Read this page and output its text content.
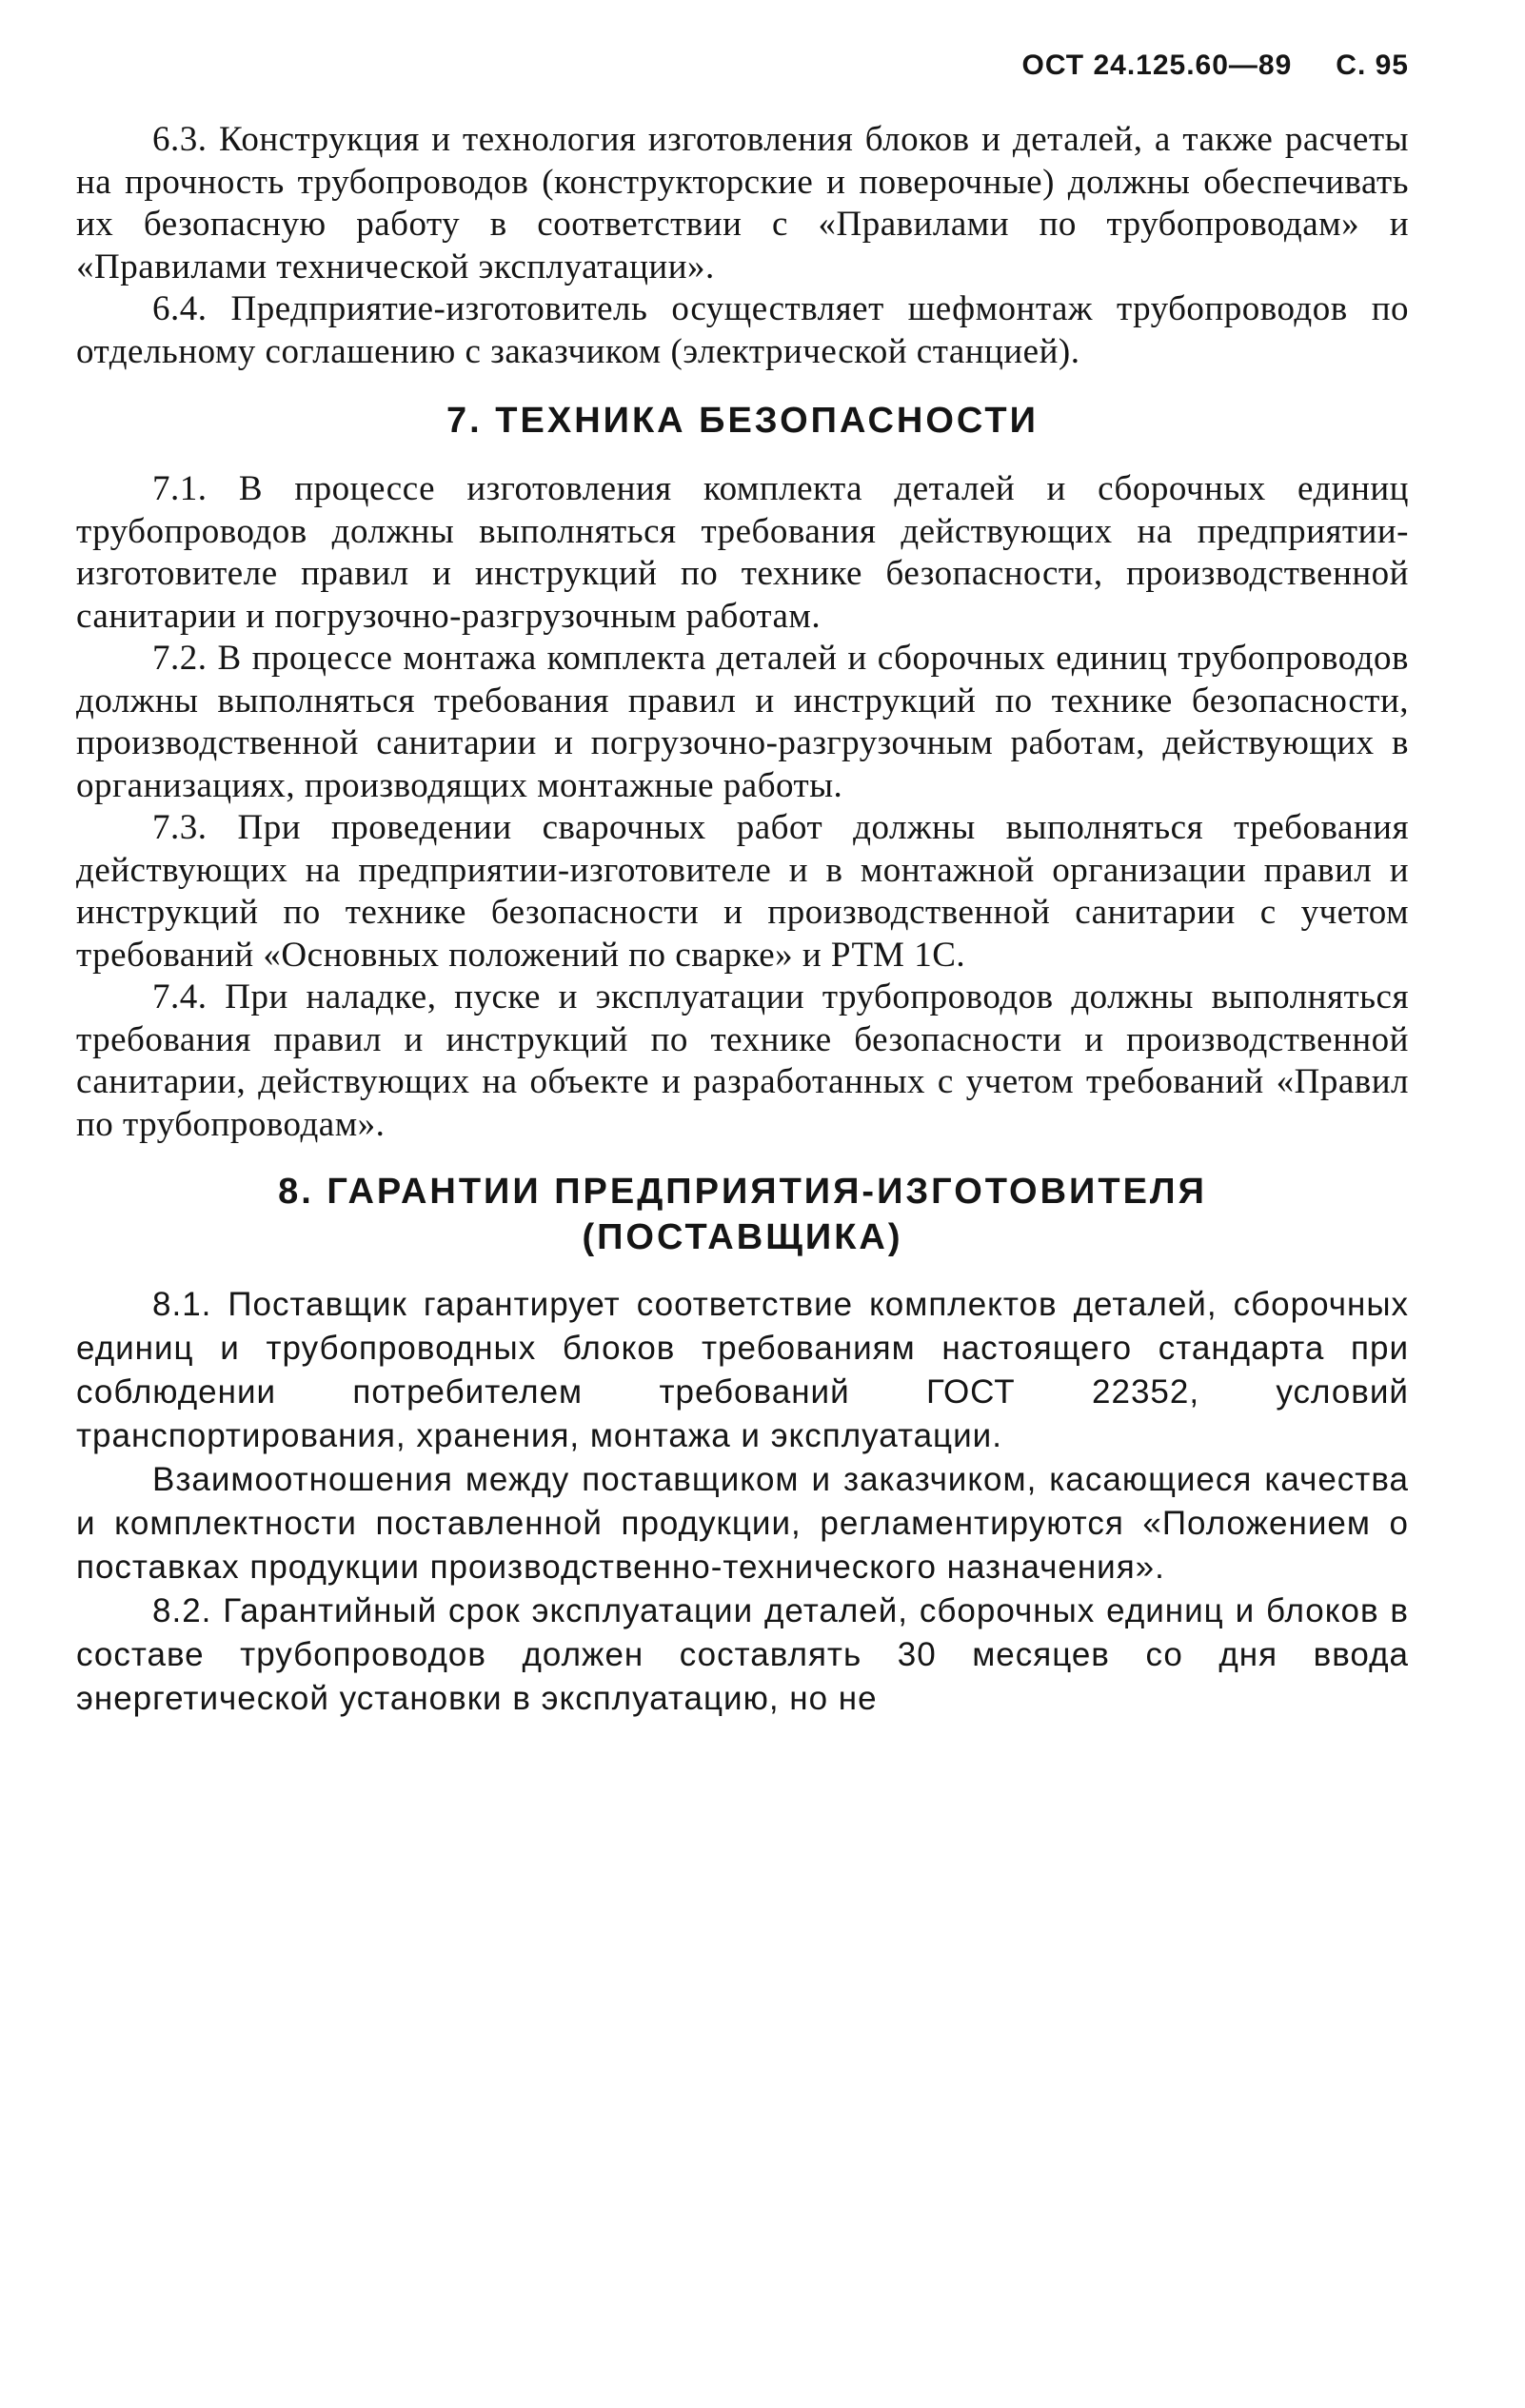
ОСТ 24.125.60—89 С. 95

6.3. Конструкция и технология изготовления блоков и деталей, а также расчеты на прочность трубопроводов (конструкторские и поверочные) должны обеспечивать их безопасную работу в соответствии с «Правилами по трубопроводам» и «Правилами технической эксплуатации».

6.4. Предприятие-изготовитель осуществляет шефмонтаж трубопроводов по отдельному соглашению с заказчиком (электрической станцией).

7. ТЕХНИКА БЕЗОПАСНОСТИ

7.1. В процессе изготовления комплекта деталей и сборочных единиц трубопроводов должны выполняться требования действующих на предприятии-изготовителе правил и инструкций по технике безопасности, производственной санитарии и погрузочно-разгрузочным работам.

7.2. В процессе монтажа комплекта деталей и сборочных единиц трубопроводов должны выполняться требования правил и инструкций по технике безопасности, производственной санитарии и погрузочно-разгрузочным работам, действующих в организациях, производящих монтажные работы.

7.3. При проведении сварочных работ должны выполняться требования действующих на предприятии-изготовителе и в монтажной организации правил и инструкций по технике безопасности и производственной санитарии с учетом требований «Основных положений по сварке» и РТМ 1С.

7.4. При наладке, пуске и эксплуатации трубопроводов должны выполняться требования правил и инструкций по технике безопасности и производственной санитарии, действующих на объекте и разработанных с учетом требований «Правил по трубопроводам».

8. ГАРАНТИИ ПРЕДПРИЯТИЯ-ИЗГОТОВИТЕЛЯ
(ПОСТАВЩИКА)

8.1. Поставщик гарантирует соответствие комплектов деталей, сборочных единиц и трубопроводных блоков требованиям настоящего стандарта при соблюдении потребителем требований ГОСТ 22352, условий транспортирования, хранения, монтажа и эксплуатации.

Взаимоотношения между поставщиком и заказчиком, касающиеся качества и комплектности поставленной продукции, регламентируются «Положением о поставках продукции производственно-технического назначения».

8.2. Гарантийный срок эксплуатации деталей, сборочных единиц и блоков в составе трубопроводов должен составлять 30 месяцев со дня ввода энергетической установки в эксплуатацию, но не
